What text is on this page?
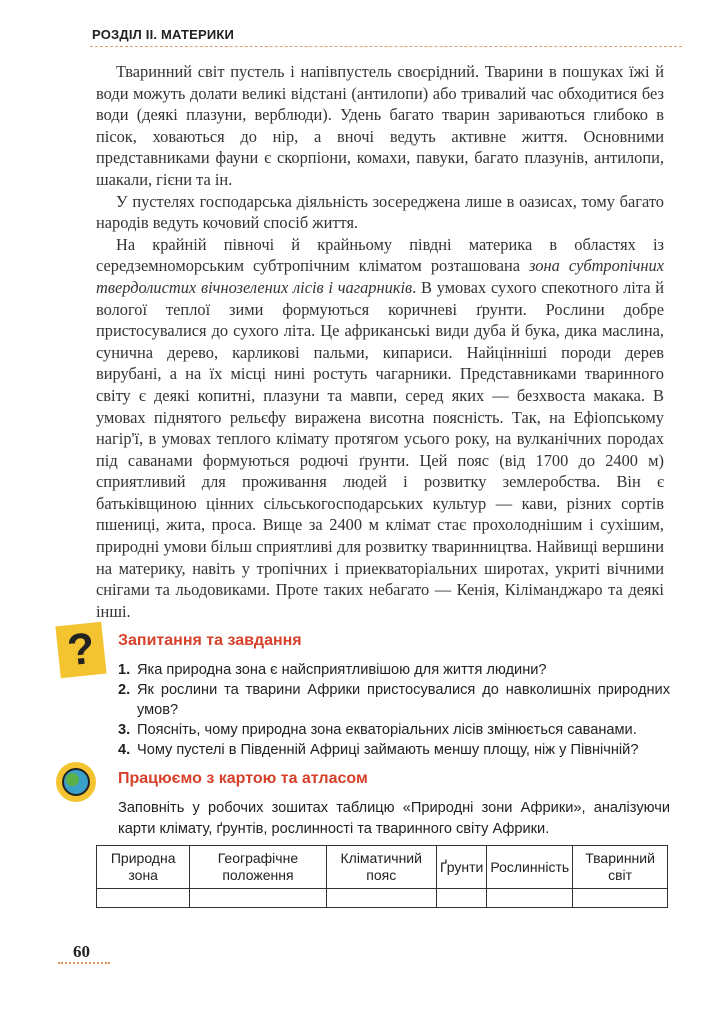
РОЗДІЛ II. МАТЕРИКИ

Тваринний світ пустель і напівпустель своєрідний. Тварини в пошуках їжі й води можуть долати великі відстані (антилопи) або тривалий час обходитися без води (деякі плазуни, верблюди). Удень багато тварин зариваються глибоко в пісок, ховаються до нір, а вночі ведуть активне життя. Основними представниками фауни є скорпіони, комахи, павуки, багато плазунів, антилопи, шакали, гієни та ін.

У пустелях господарська діяльність зосереджена лише в оазисах, тому багато народів ведуть кочовий спосіб життя.

На крайній півночі й крайньому півдні материка в областях із середземноморським субтропічним кліматом розташована зона субтропічних твердолистих вічнозелених лісів і чагарників. В умовах сухого спекотного літа й вологої теплої зими формуються коричневі ґрунти. Рослини добре пристосувалися до сухого літа. Це африканські види дуба й бука, дика маслина, сунична дерево, карликові пальми, кипариси. Найцінніші породи дерев вирубані, а на їх місці нині ростуть чагарники. Представниками тваринного світу є деякі копитні, плазуни та мавпи, серед яких — безхвоста макака. В умовах піднятого рельєфу виражена висотна поясність. Так, на Ефіопському нагір'ї, в умовах теплого клімату протягом усього року, на вулканічних породах під саванами формуються родючі ґрунти. Цей пояс (від 1700 до 2400 м) сприятливий для проживання людей і розвитку землеробства. Він є батьківщиною цінних сільськогосподарських культур — кави, різних сортів пшениці, жита, проса. Вище за 2400 м клімат стає прохолоднішим і сухішим, природні умови більш сприятливі для розвитку тваринництва. Найвищі вершини на материку, навіть у тропічних і приекваторіальних широтах, укриті вічними снігами та льодовиками. Проте таких небагато — Кенія, Кіліманджаро та деякі інші.

?	Запитання та завдання
1. Яка природна зона є найсприятливішою для життя людини?
2. Як рослини та тварини Африки пристосувалися до навколишніх природних умов?
3. Поясніть, чому природна зона екваторіальних лісів змінюється саванами.
4. Чому пустелі в Південній Африці займають меншу площу, ніж у Північній?
Працюємо з картою та атласом
Заповніть у робочих зошитах таблицю «Природні зони Африки», аналізуючи карти клімату, ґрунтів, рослинності та тваринного світу Африки.
Природна зона	Географічне положення	Кліматичний пояс	Ґрунти	Рослинність	Тваринний світ

60
